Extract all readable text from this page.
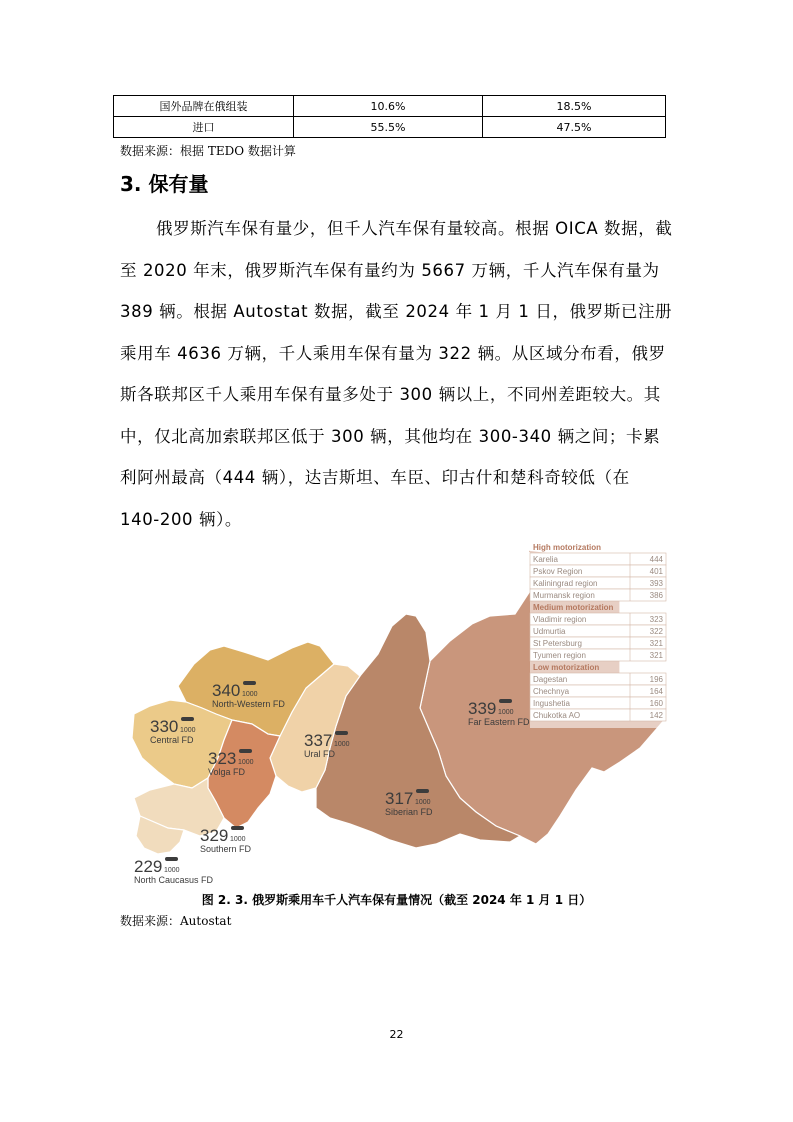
国外品牌在俄组装	10.6%	18.5%
进口	55.5%	47.5%
数据来源：根据 TEDO 数据计算
3. 保有量
俄罗斯汽车保有量少，但千人汽车保有量较高。根据 OICA 数据，截至 2020 年末，俄罗斯汽车保有量约为 5667 万辆，千人汽车保有量为 389 辆。根据 Autostat 数据，截至 2024 年 1 月 1 日，俄罗斯已注册乘用车 4636 万辆，千人乘用车保有量为 322 辆。从区域分布看，俄罗斯各联邦区千人乘用车保有量多处于 300 辆以上，不同州差距较大。其中，仅北高加索联邦区低于 300 辆，其他均在 300-340 辆之间；卡累利阿州最高（444 辆），达吉斯坦、车臣、印古什和楚科奇较低（在 140-200 辆）。
High motorization
Karelia	444
Pskov Region	401
Kaliningrad region	393
Murmansk region	386
Medium motorization
Vladimir region	323
Udmurtia	322
St Petersburg	321
Tyumen region	321
Low motorization
Dagestan	196
Chechnya	164
Ingushetia	160
Chukotka AO	142
340 1000
North-Western FD
330 1000
Central FD
323 1000
Volga FD
337 1000
Ural FD
339 1000
Far Eastern FD
317 1000
Siberian FD
329 1000
Southern FD
229 1000
North Caucasus FD
图 2. 3. 俄罗斯乘用车千人汽车保有量情况（截至 2024 年 1 月 1 日）
数据来源：Autostat
22
